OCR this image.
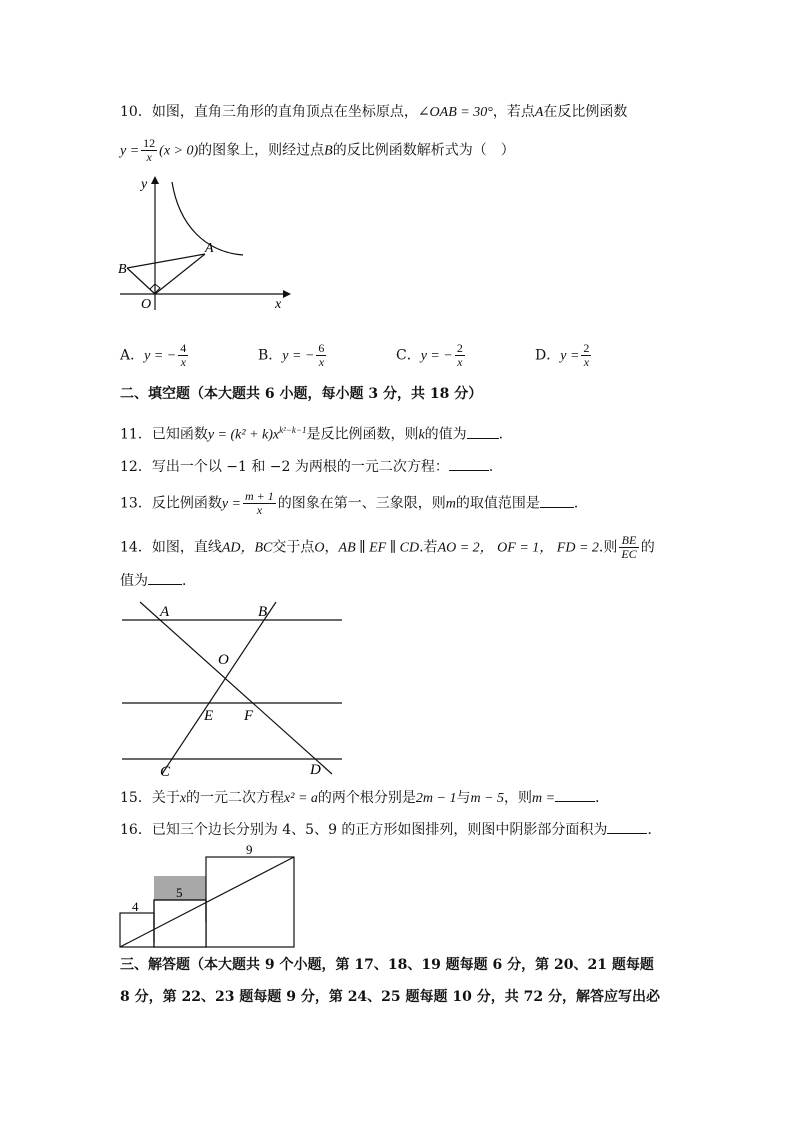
10．如图，直角三角形的直角顶点在坐标原点，∠OAB = 30°，若点A在反比例函数
$y = \frac{12}{x} (x > 0)$的图象上，则经过点B的反比例函数解析式为（　）
y
x
O
A
B
A．y = − $\frac{4}{x}$	B．y = − $\frac{6}{x}$	C．y = − $\frac{2}{x}$	D．$y = \frac{2}{x}$
二、填空题（本大题共 6 小题，每小题 3 分，共 18 分）
11．已知函数$y = (k^2 + k)x^{k^2-k-1}$是反比例函数，则k的值为 ．
12．写出一个以 −1 和 −2 为两根的一元二次方程：	．
13．反比例函数$y = \frac{m + 1}{x}$ 的图象在第一、三象限，则m的取值范围是 ．
14．如图，直线AD，BC交于点O，AB ∥ EF ∥ CD.若AO = 2， OF = 1， FD = 2.则 $\frac{BE}{EC}$ 的
值为 ．
A	B
O
E F
C	D
15．关于x的一元二次方程x² = a的两个根分别是2m − 1与m − 5，则m =	．
16．已知三个边长分别为 4、5、9 的正方形如图排列，则图中阴影部分面积为	．
4
5
9
三、解答题（本大题共 9 个小题，第 17、18、19 题每题 6 分，第 20、21 题每题
8 分，第 22、23 题每题 9 分，第 24、25 题每题 10 分，共 72 分，解答应写出必
